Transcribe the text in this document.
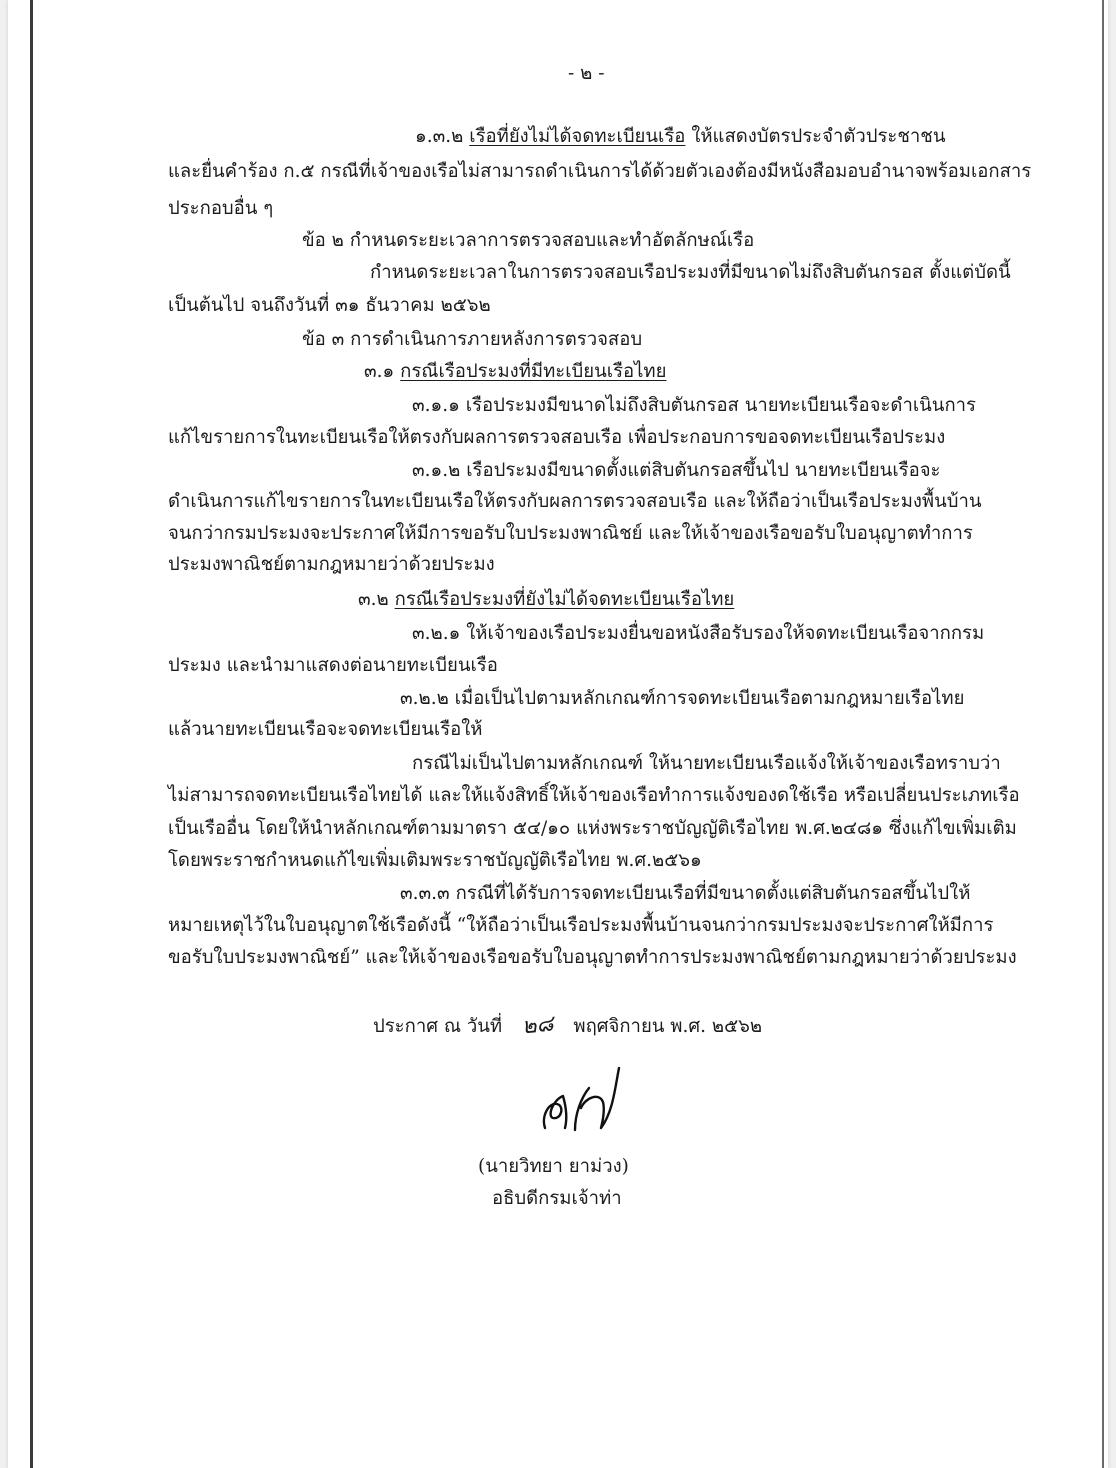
- ๒ -
๑.๓.๒ เรือที่ยังไม่ได้จดทะเบียนเรือ ให้แสดงบัตรประจำตัวประชาชน
และยื่นคำร้อง ก.๕ กรณีที่เจ้าของเรือไม่สามารถดำเนินการได้ด้วยตัวเองต้องมีหนังสือมอบอำนาจพร้อมเอกสาร
ประกอบอื่น ๆ
ข้อ ๒ กำหนดระยะเวลาการตรวจสอบและทำอัตลักษณ์เรือ
กำหนดระยะเวลาในการตรวจสอบเรือประมงที่มีขนาดไม่ถึงสิบตันกรอส ตั้งแต่บัดนี้
เป็นต้นไป จนถึงวันที่ ๓๑ ธันวาคม ๒๕๖๒
ข้อ ๓ การดำเนินการภายหลังการตรวจสอบ
๓.๑ กรณีเรือประมงที่มีทะเบียนเรือไทย
๓.๑.๑ เรือประมงมีขนาดไม่ถึงสิบตันกรอส นายทะเบียนเรือจะดำเนินการ
แก้ไขรายการในทะเบียนเรือให้ตรงกับผลการตรวจสอบเรือ เพื่อประกอบการขอจดทะเบียนเรือประมง
๓.๑.๒ เรือประมงมีขนาดตั้งแต่สิบตันกรอสขึ้นไป นายทะเบียนเรือจะ
ดำเนินการแก้ไขรายการในทะเบียนเรือให้ตรงกับผลการตรวจสอบเรือ และให้ถือว่าเป็นเรือประมงพื้นบ้าน
จนกว่ากรมประมงจะประกาศให้มีการขอรับใบประมงพาณิชย์ และให้เจ้าของเรือขอรับใบอนุญาตทำการ
ประมงพาณิชย์ตามกฎหมายว่าด้วยประมง
๓.๒ กรณีเรือประมงที่ยังไม่ได้จดทะเบียนเรือไทย
๓.๒.๑ ให้เจ้าของเรือประมงยื่นขอหนังสือรับรองให้จดทะเบียนเรือจากกรม
ประมง และนำมาแสดงต่อนายทะเบียนเรือ
๓.๒.๒ เมื่อเป็นไปตามหลักเกณฑ์การจดทะเบียนเรือตามกฎหมายเรือไทย
แล้วนายทะเบียนเรือจะจดทะเบียนเรือให้
กรณีไม่เป็นไปตามหลักเกณฑ์ ให้นายทะเบียนเรือแจ้งให้เจ้าของเรือทราบว่า
ไม่สามารถจดทะเบียนเรือไทยได้ และให้แจ้งสิทธิ์ให้เจ้าของเรือทำการแจ้งของดใช้เรือ หรือเปลี่ยนประเภทเรือ
เป็นเรืออื่น โดยให้นำหลักเกณฑ์ตามมาตรา ๕๔/๑๐ แห่งพระราชบัญญัติเรือไทย พ.ศ.๒๔๘๑ ซึ่งแก้ไขเพิ่มเติม
โดยพระราชกำหนดแก้ไขเพิ่มเติมพระราชบัญญัติเรือไทย พ.ศ.๒๕๖๑
๓.๓.๓ กรณีที่ได้รับการจดทะเบียนเรือที่มีขนาดตั้งแต่สิบตันกรอสขึ้นไปให้
หมายเหตุไว้ในใบอนุญาตใช้เรือดังนี้ “ให้ถือว่าเป็นเรือประมงพื้นบ้านจนกว่ากรมประมงจะประกาศให้มีการ
ขอรับใบประมงพาณิชย์” และให้เจ้าของเรือขอรับใบอนุญาตทำการประมงพาณิชย์ตามกฎหมายว่าด้วยประมง
ประกาศ ณ วันที่ ๒๘ พฤศจิกายน พ.ศ. ๒๕๖๒
(นายวิทยา ยาม่วง)
อธิบดีกรมเจ้าท่า
